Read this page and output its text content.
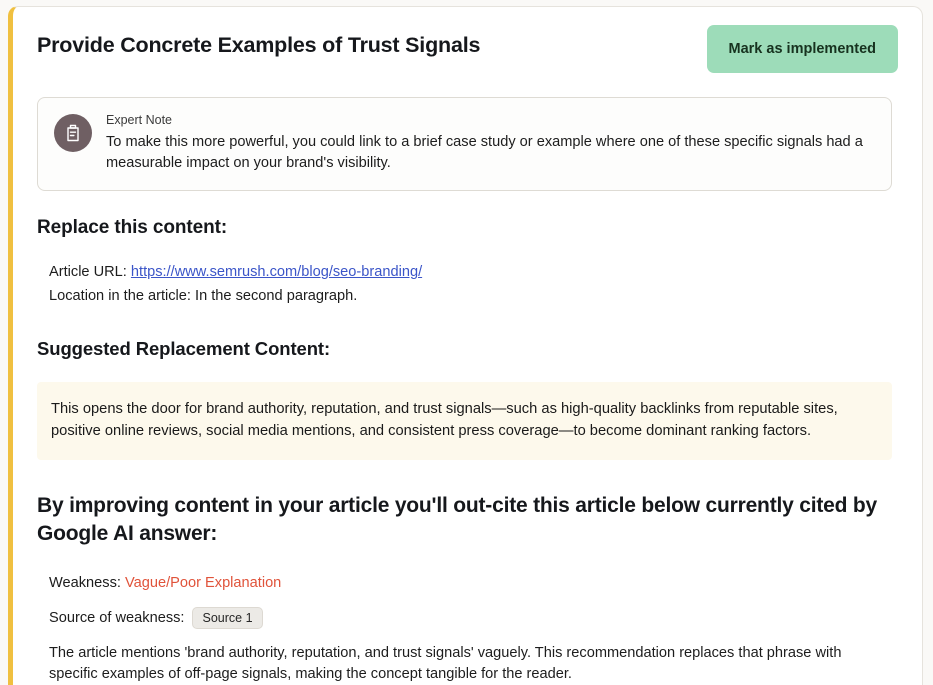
Provide Concrete Examples of Trust Signals	Mark as implemented
Expert Note
To make this more powerful, you could link to a brief case study or example where one of these specific signals had a measurable impact on your brand's visibility.
Replace this content:
Article URL: https://www.semrush.com/blog/seo-branding/
Location in the article: In the second paragraph.
Suggested Replacement Content:

This opens the door for brand authority, reputation, and trust signals—such as high-quality backlinks from reputable sites, positive online reviews, social media mentions, and consistent press coverage—to become dominant ranking factors.

By improving content in your article you'll out-cite this article below currently cited by Google AI answer:
Weakness: Vague/Poor Explanation
Source of weakness:	Source 1
The article mentions 'brand authority, reputation, and trust signals' vaguely. This recommendation replaces that phrase with specific examples of off-page signals, making the concept tangible for the reader.
